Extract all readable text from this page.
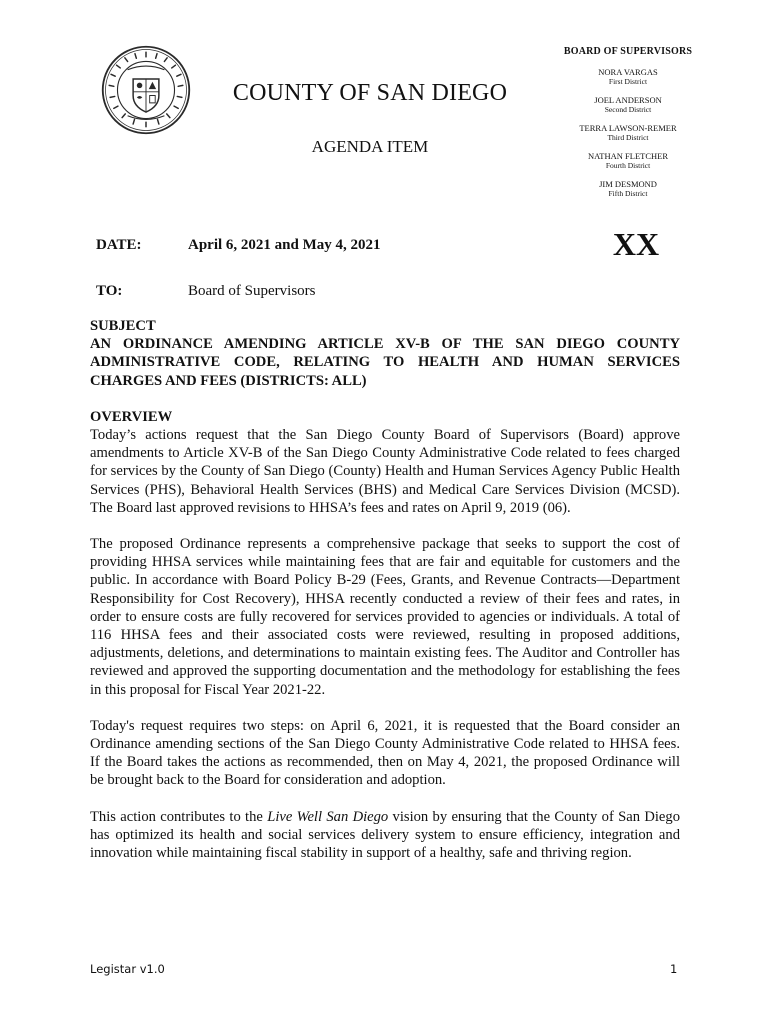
COUNTY OF SAN DIEGO
AGENDA ITEM
BOARD OF SUPERVISORS
NORA VARGAS
First District
JOEL ANDERSON
Second District
TERRA LAWSON-REMER
Third District
NATHAN FLETCHER
Fourth District
JIM DESMOND
Fifth District
XX
DATE:	April 6, 2021 and May 4, 2021
TO:	Board of Supervisors

SUBJECT

AN ORDINANCE AMENDING ARTICLE XV-B OF THE SAN DIEGO COUNTY ADMINISTRATIVE CODE, RELATING TO HEALTH AND HUMAN SERVICES CHARGES AND FEES (DISTRICTS: ALL)

OVERVIEW

Today’s actions request that the San Diego County Board of Supervisors (Board) approve amendments to Article XV-B of the San Diego County Administrative Code related to fees charged for services by the County of San Diego (County) Health and Human Services Agency Public Health Services (PHS), Behavioral Health Services (BHS) and Medical Care Services Division (MCSD). The Board last approved revisions to HHSA’s fees and rates on April 9, 2019 (06).

The proposed Ordinance represents a comprehensive package that seeks to support the cost of providing HHSA services while maintaining fees that are fair and equitable for customers and the public. In accordance with Board Policy B-29 (Fees, Grants, and Revenue Contracts—Department Responsibility for Cost Recovery), HHSA recently conducted a review of their fees and rates, in order to ensure costs are fully recovered for services provided to agencies or individuals. A total of 116 HHSA fees and their associated costs were reviewed, resulting in proposed additions, adjustments, deletions, and determinations to maintain existing fees. The Auditor and Controller has reviewed and approved the supporting documentation and the methodology for establishing the fees in this proposal for Fiscal Year 2021-22.

Today's request requires two steps: on April 6, 2021, it is requested that the Board consider an Ordinance amending sections of the San Diego County Administrative Code related to HHSA fees. If the Board takes the actions as recommended, then on May 4, 2021, the proposed Ordinance will be brought back to the Board for consideration and adoption.

This action contributes to the Live Well San Diego vision by ensuring that the County of San Diego has optimized its health and social services delivery system to ensure efficiency, integration and innovation while maintaining fiscal stability in support of a healthy, safe and thriving region.

Legistar v1.0	1
